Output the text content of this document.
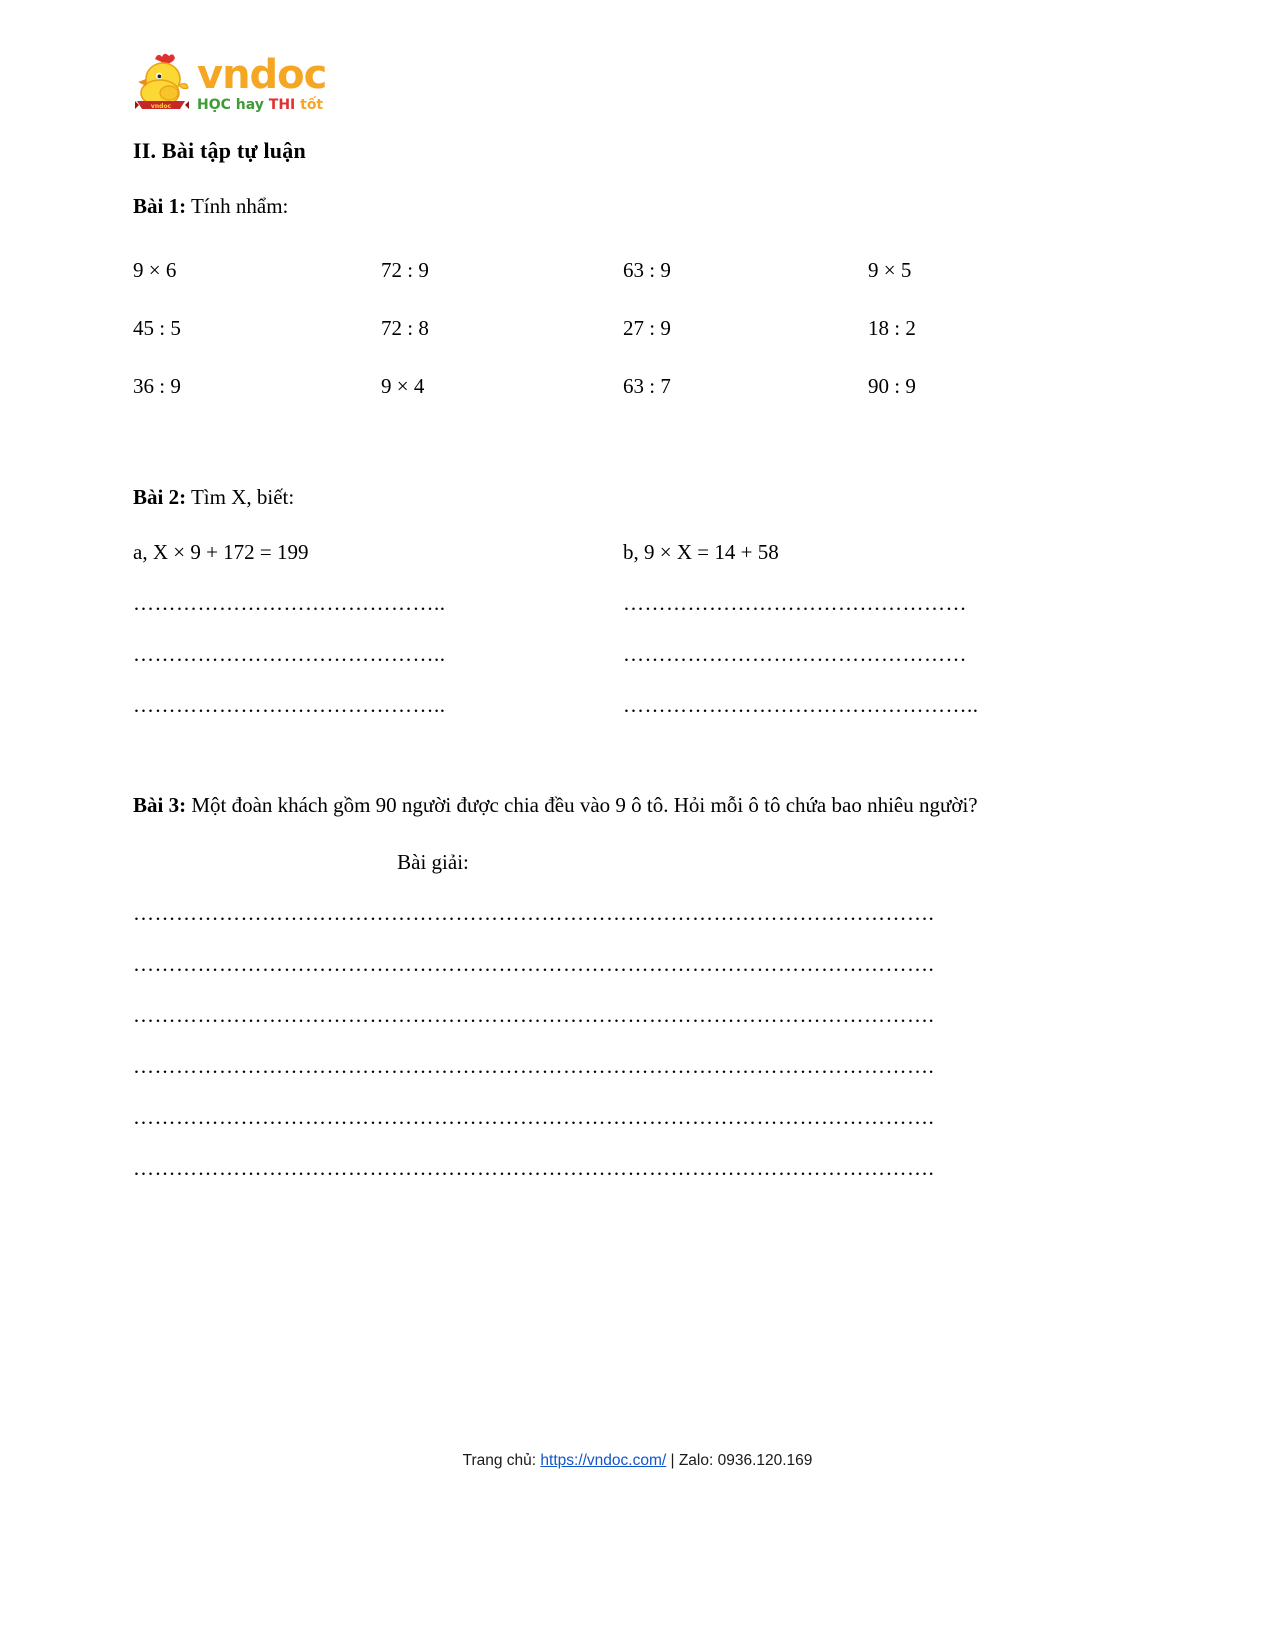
vndoc
vndoc
HỌC hay THI tốt
II. Bài tập tự luận
Bài 1: Tính nhẩm:
9 × 6	72 : 9	63 : 9	9 × 5
45 : 5	72 : 8	27 : 9	18 : 2
36 : 9	9 × 4	63 : 7	90 : 9
Bài 2: Tìm X, biết:
a, X × 9 + 172 = 199	b, 9 × X = 14 + 58
……………………………………..	…………………………………………
……………………………………..	…………………………………………
……………………………………..	…………………………………………..
Bài 3: Một đoàn khách gồm 90 người được chia đều vào 9 ô tô. Hỏi mỗi ô tô chứa bao nhiêu người?
Bài giải:
………………………………………………………………………………………………….
………………………………………………………………………………………………….
………………………………………………………………………………………………….
………………………………………………………………………………………………….
………………………………………………………………………………………………….
………………………………………………………………………………………………….
Trang chủ: https://vndoc.com/ | Zalo: 0936.120.169
